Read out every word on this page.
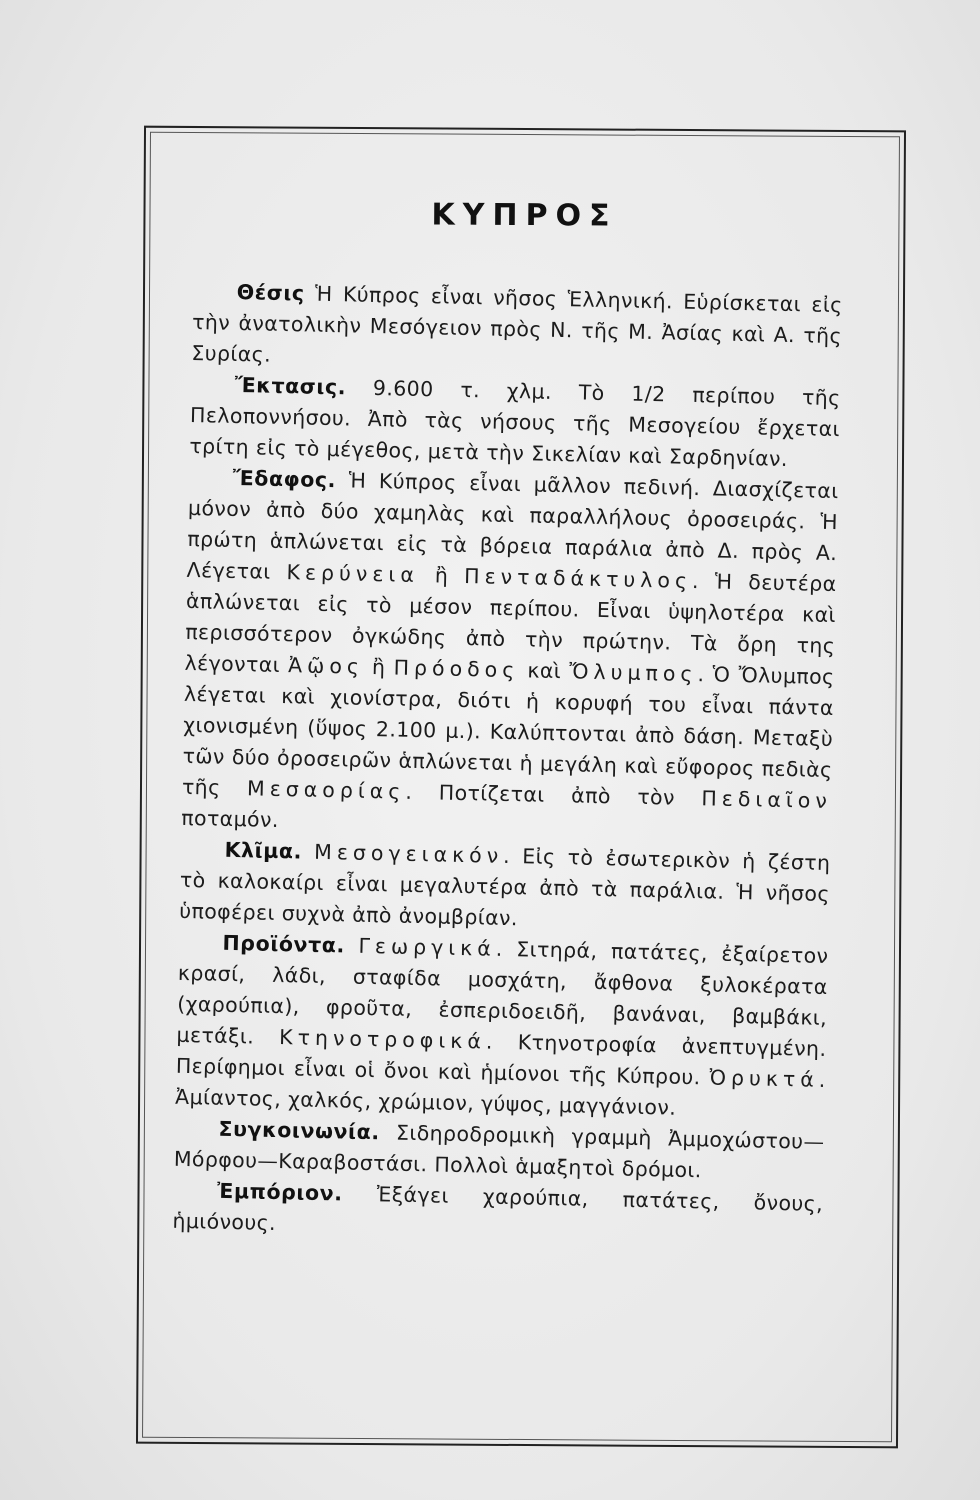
ΚΥΠΡΟΣ

Θέσις Ἡ Κύπρος εἶναι νῆσος Ἑλληνική. Εὑρίσκεται εἰς τὴν ἀνατολικὴν Μεσόγειον πρὸς Ν. τῆς Μ. Ἀσίας καὶ Α. τῆς Συρίας.

Ἔκτασις. 9.600 τ. χλμ. Τὸ 1/2 περίπου τῆς Πελοποννήσου. Ἀπὸ τὰς νήσους τῆς Μεσογείου ἔρχεται τρίτη εἰς τὸ μέγεθος, μετὰ τὴν Σικελίαν καὶ Σαρδηνίαν.

Ἔδαφος. Ἡ Κύπρος εἶναι μᾶλλον πεδινή. Διασχίζεται μόνον ἀπὸ δύο χαμηλὰς καὶ παραλλήλους ὀροσειράς. Ἡ πρώτη ἁπλώνεται εἰς τὰ βόρεια παράλια ἀπὸ Δ. πρὸς Α. Λέγεται Κερύνεια ἢ Πενταδάκτυλος. Ἡ δευτέρα ἁπλώνεται εἰς τὸ μέσον περίπου. Εἶναι ὑψηλοτέρα καὶ περισσότερον ὀγκώδης ἀπὸ τὴν πρώτην. Τὰ ὄρη της λέγονται Ἀῷος ἢ Πρόοδος καὶ Ὄλυμπος. Ὁ Ὄλυμπος λέγεται καὶ χιονίστρα, διότι ἡ κορυφή του εἶναι πάντα χιονισμένη (ὕψος 2.100 μ.). Καλύπτονται ἀπὸ δάση. Μεταξὺ τῶν δύο ὀροσειρῶν ἁπλώνεται ἡ μεγάλη καὶ εὔφορος πεδιὰς τῆς Μεσαορίας. Ποτίζεται ἀπὸ τὸν Πεδιαῖον ποταμόν.

Κλῖμα. Μεσογειακόν. Εἰς τὸ ἐσωτερικὸν ἡ ζέστη τὸ καλοκαίρι εἶναι μεγαλυτέρα ἀπὸ τὰ παράλια. Ἡ νῆσος ὑποφέρει συχνὰ ἀπὸ ἀνομβρίαν.

Προϊόντα. Γεωργικά. Σιτηρά, πατάτες, ἐξαίρετον κρασί, λάδι, σταφίδα μοσχάτη, ἄφθονα ξυλοκέρατα (χαρούπια), φροῦτα, ἐσπεριδοειδῆ, βανάναι, βαμβάκι, μετάξι. Κτηνοτροφικά. Κτηνοτροφία ἀνεπτυγμένη. Περίφημοι εἶναι οἱ ὄνοι καὶ ἡμίονοι τῆς Κύπρου. Ὀρυκτά. Ἀμίαντος, χαλκός, χρώμιον, γύψος, μαγγάνιον.

Συγκοινωνία. Σιδηροδρομικὴ γραμμὴ Ἀμμοχώστου—Μόρφου—Καραβοστάσι. Πολλοὶ ἁμαξητοὶ δρόμοι.

Ἐμπόριον. Ἐξάγει χαρούπια, πατάτες, ὄνους, ἡμιόνους.
